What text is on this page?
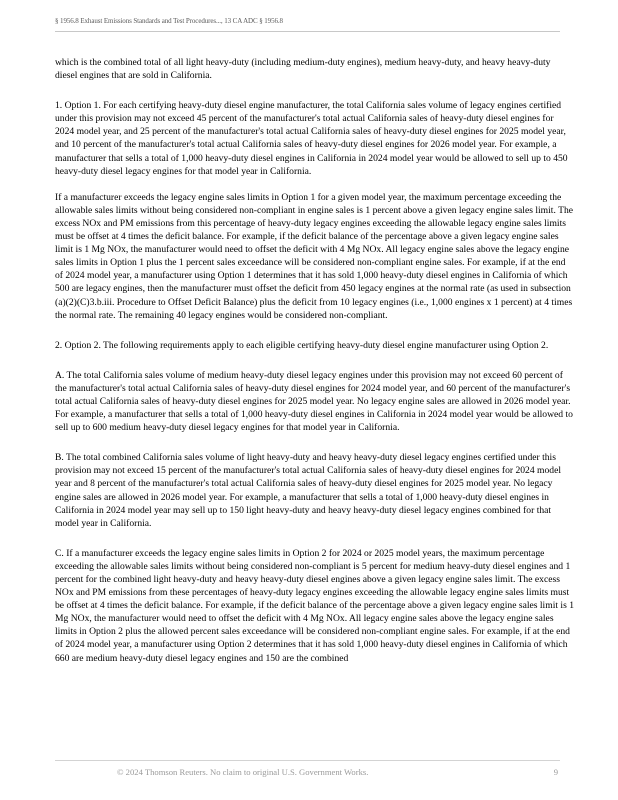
§ 1956.8 Exhaust Emissions Standards and Test Procedures..., 13 CA ADC § 1956.8

which is the combined total of all light heavy-duty (including medium-duty engines), medium heavy-duty, and heavy heavy-duty diesel engines that are sold in California.

1. Option 1. For each certifying heavy-duty diesel engine manufacturer, the total California sales volume of legacy engines certified under this provision may not exceed 45 percent of the manufacturer's total actual California sales of heavy-duty diesel engines for 2024 model year, and 25 percent of the manufacturer's total actual California sales of heavy-duty diesel engines for 2025 model year, and 10 percent of the manufacturer's total actual California sales of heavy-duty diesel engines for 2026 model year. For example, a manufacturer that sells a total of 1,000 heavy-duty diesel engines in California in 2024 model year would be allowed to sell up to 450 heavy-duty diesel legacy engines for that model year in California.

If a manufacturer exceeds the legacy engine sales limits in Option 1 for a given model year, the maximum percentage exceeding the allowable sales limits without being considered non-compliant in engine sales is 1 percent above a given legacy engine sales limit. The excess NOx and PM emissions from this percentage of heavy-duty legacy engines exceeding the allowable legacy engine sales limits must be offset at 4 times the deficit balance. For example, if the deficit balance of the percentage above a given legacy engine sales limit is 1 Mg NOx, the manufacturer would need to offset the deficit with 4 Mg NOx. All legacy engine sales above the legacy engine sales limits in Option 1 plus the 1 percent sales exceedance will be considered non-compliant engine sales. For example, if at the end of 2024 model year, a manufacturer using Option 1 determines that it has sold 1,000 heavy-duty diesel engines in California of which 500 are legacy engines, then the manufacturer must offset the deficit from 450 legacy engines at the normal rate (as used in subsection (a)(2)(C)3.b.iii. Procedure to Offset Deficit Balance) plus the deficit from 10 legacy engines (i.e., 1,000 engines x 1 percent) at 4 times the normal rate. The remaining 40 legacy engines would be considered non-compliant.

2. Option 2. The following requirements apply to each eligible certifying heavy-duty diesel engine manufacturer using Option 2.

A. The total California sales volume of medium heavy-duty diesel legacy engines under this provision may not exceed 60 percent of the manufacturer's total actual California sales of heavy-duty diesel engines for 2024 model year, and 60 percent of the manufacturer's total actual California sales of heavy-duty diesel engines for 2025 model year. No legacy engine sales are allowed in 2026 model year. For example, a manufacturer that sells a total of 1,000 heavy-duty diesel engines in California in 2024 model year would be allowed to sell up to 600 medium heavy-duty diesel legacy engines for that model year in California.

B. The total combined California sales volume of light heavy-duty and heavy heavy-duty diesel legacy engines certified under this provision may not exceed 15 percent of the manufacturer's total actual California sales of heavy-duty diesel engines for 2024 model year and 8 percent of the manufacturer's total actual California sales of heavy-duty diesel engines for 2025 model year. No legacy engine sales are allowed in 2026 model year. For example, a manufacturer that sells a total of 1,000 heavy-duty diesel engines in California in 2024 model year may sell up to 150 light heavy-duty and heavy heavy-duty diesel legacy engines combined for that model year in California.

C. If a manufacturer exceeds the legacy engine sales limits in Option 2 for 2024 or 2025 model years, the maximum percentage exceeding the allowable sales limits without being considered non-compliant is 5 percent for medium heavy-duty diesel engines and 1 percent for the combined light heavy-duty and heavy heavy-duty diesel engines above a given legacy engine sales limit. The excess NOx and PM emissions from these percentages of heavy-duty legacy engines exceeding the allowable legacy engine sales limits must be offset at 4 times the deficit balance. For example, if the deficit balance of the percentage above a given legacy engine sales limit is 1 Mg NOx, the manufacturer would need to offset the deficit with 4 Mg NOx. All legacy engine sales above the legacy engine sales limits in Option 2 plus the allowed percent sales exceedance will be considered non-compliant engine sales. For example, if at the end of 2024 model year, a manufacturer using Option 2 determines that it has sold 1,000 heavy-duty diesel engines in California of which 660 are medium heavy-duty diesel legacy engines and 150 are the combined

© 2024 Thomson Reuters. No claim to original U.S. Government Works.	9
